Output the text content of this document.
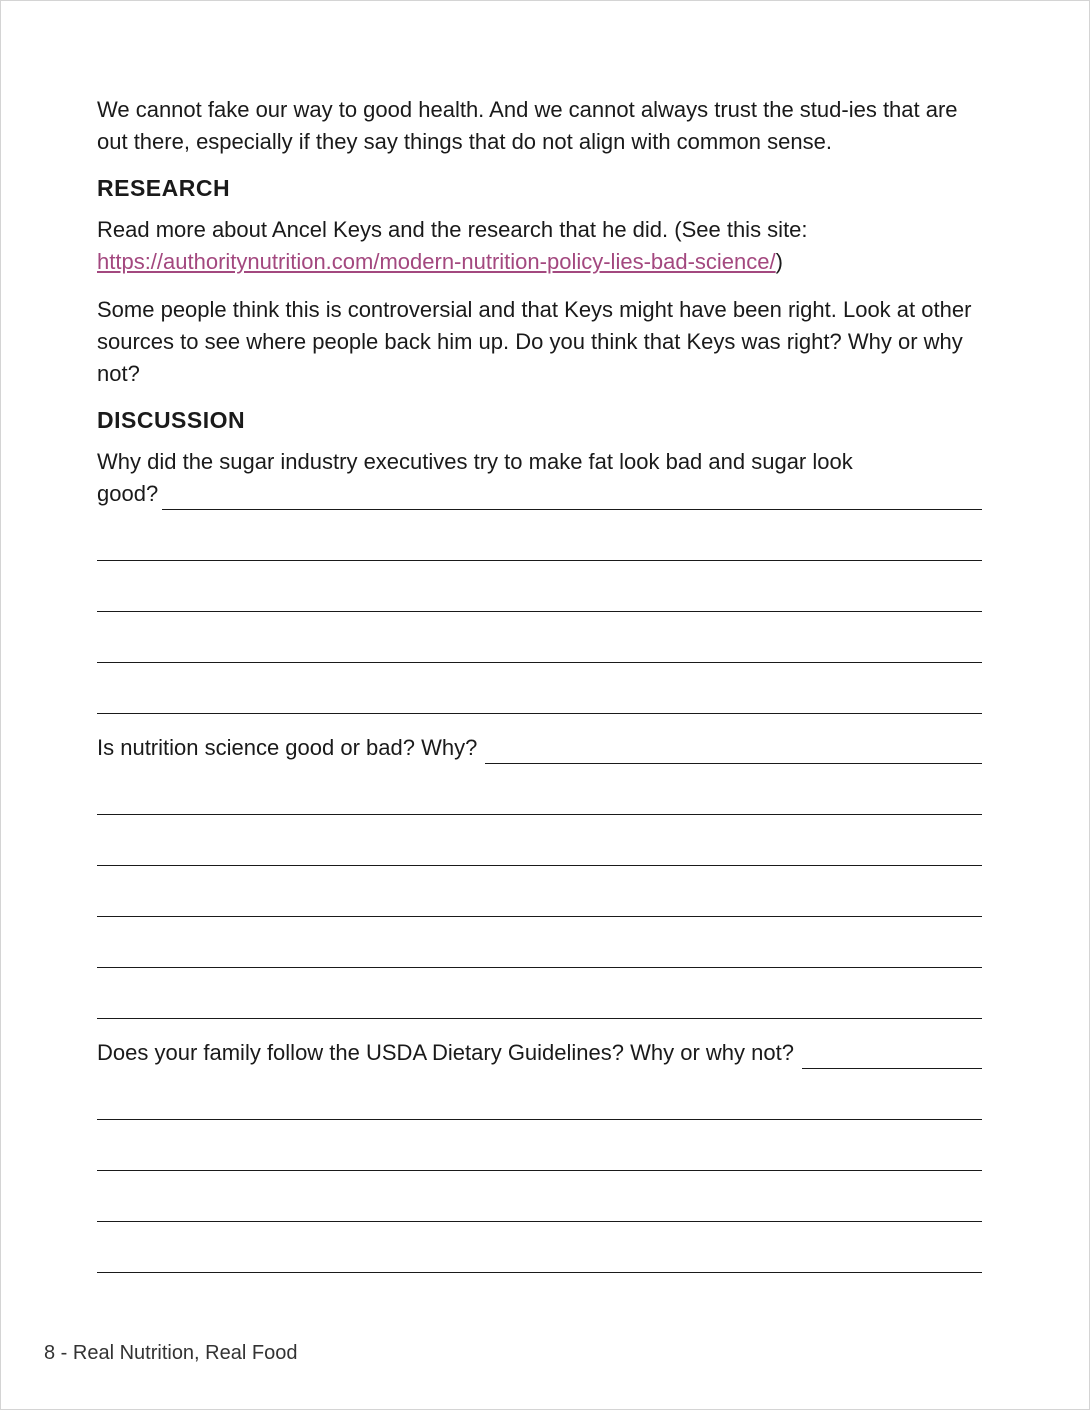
We cannot fake our way to good health. And we cannot always trust the stud-ies that are out there, especially if they say things that do not align with common sense.

RESEARCH

Read more about Ancel Keys and the research that he did. (See this site: https://authoritynutrition.com/modern-nutrition-policy-lies-bad-science/)

Some people think this is controversial and that Keys might have been right. Look at other sources to see where people back him up. Do you think that Keys was right? Why or why not?

DISCUSSION

Why did the sugar industry executives try to make fat look bad and sugar look

good?
Is nutrition science good or bad? Why?
Does your family follow the USDA Dietary Guidelines? Why or why not?
8 - Real Nutrition, Real Food
